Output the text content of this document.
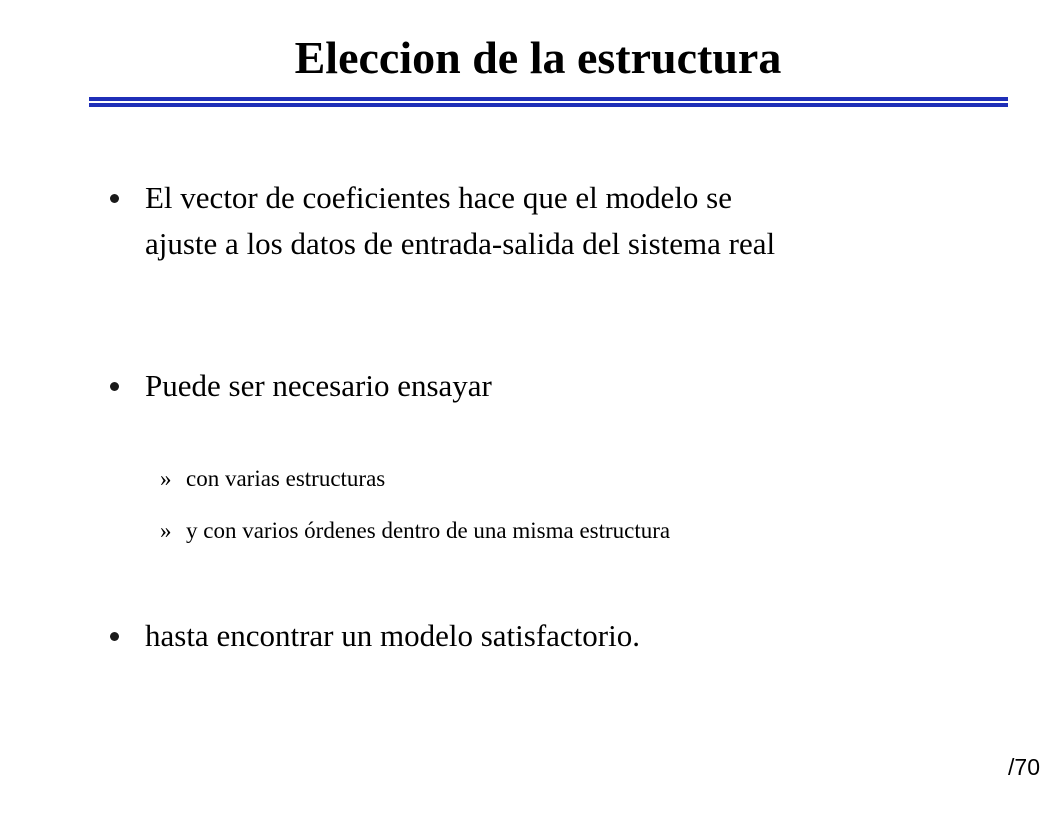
Eleccion de la estructura
El vector de coeficientes hace que el modelo se
ajuste a los datos de entrada-salida del sistema real
Puede ser necesario ensayar
» con varias estructuras
» y con varios órdenes dentro de una misma estructura
hasta encontrar un modelo satisfactorio.
/70
